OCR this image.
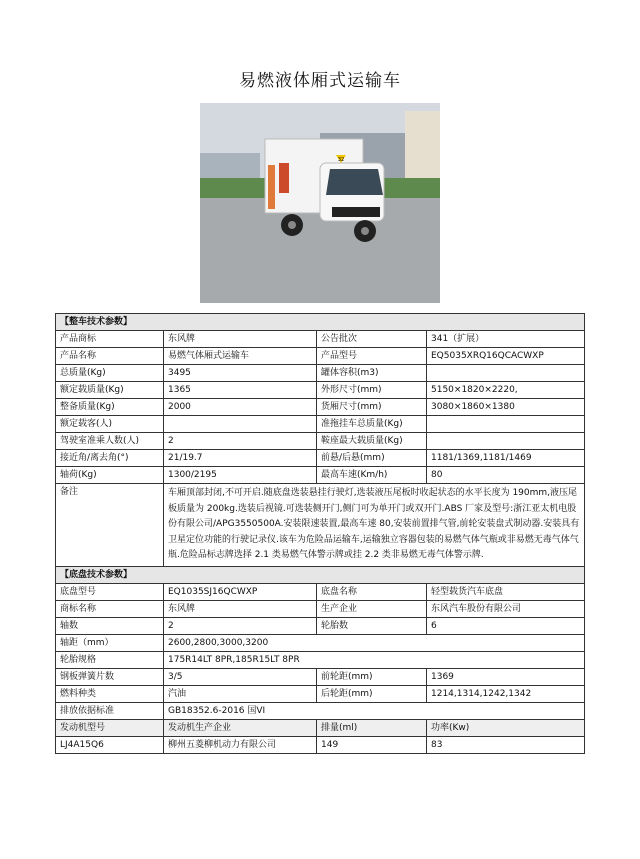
易燃液体厢式运输车
32
【整车技术参数】			
产品商标	东风牌	公告批次	341（扩展）
产品名称	易燃气体厢式运输车	产品型号	EQ5035XRQ16QCACWXP
总质量(Kg)	3495	罐体容积(m3)	
额定载质量(Kg)	1365	外形尺寸(mm)	5150×1820×2220,
整备质量(Kg)	2000	货厢尺寸(mm)	3080×1860×1380
额定载客(人)		准拖挂车总质量(Kg)	
驾驶室准乘人数(人)	2	鞍座最大载质量(Kg)	
接近角/离去角(°)	21/19.7	前悬/后悬(mm)	1181/1369,1181/1469
轴荷(Kg)	1300/2195	最高车速(Km/h)	80
备注	车厢顶部封闭,不可开启.随底盘选装悬挂行驶灯,选装液压尾板时收起状态的水平长度为 190mm,液压尾板质量为 200kg.选装后视镜.可选装侧开门,侧门可为单开门或双开门.ABS 厂家及型号:浙江亚太机电股份有限公司/APG3550500A.安装限速装置,最高车速 80,安装前置排气管,前轮安装盘式制动器.安装具有卫星定位功能的行驶记录仪.该车为危险品运输车,运输独立容器包装的易燃气体气瓶或非易燃无毒气体气瓶.危险品标志牌选择 2.1 类易燃气体警示牌或挂 2.2 类非易燃无毒气体警示牌.		
【底盘技术参数】			
底盘型号	EQ1035SJ16QCWXP	底盘名称	轻型载货汽车底盘
商标名称	东风牌	生产企业	东风汽车股份有限公司
轴数	2	轮胎数	6
轴距（mm）	2600,2800,3000,3200		
轮胎规格	175R14LT 8PR,185R15LT 8PR		
钢板弹簧片数	3/5	前轮距(mm)	1369
燃料种类	汽油	后轮距(mm)	1214,1314,1242,1342
排放依据标准	GB18352.6-2016 国VI		
发动机型号	发动机生产企业	排量(ml)	功率(Kw)
LJ4A15Q6	柳州五菱柳机动力有限公司	149	83
